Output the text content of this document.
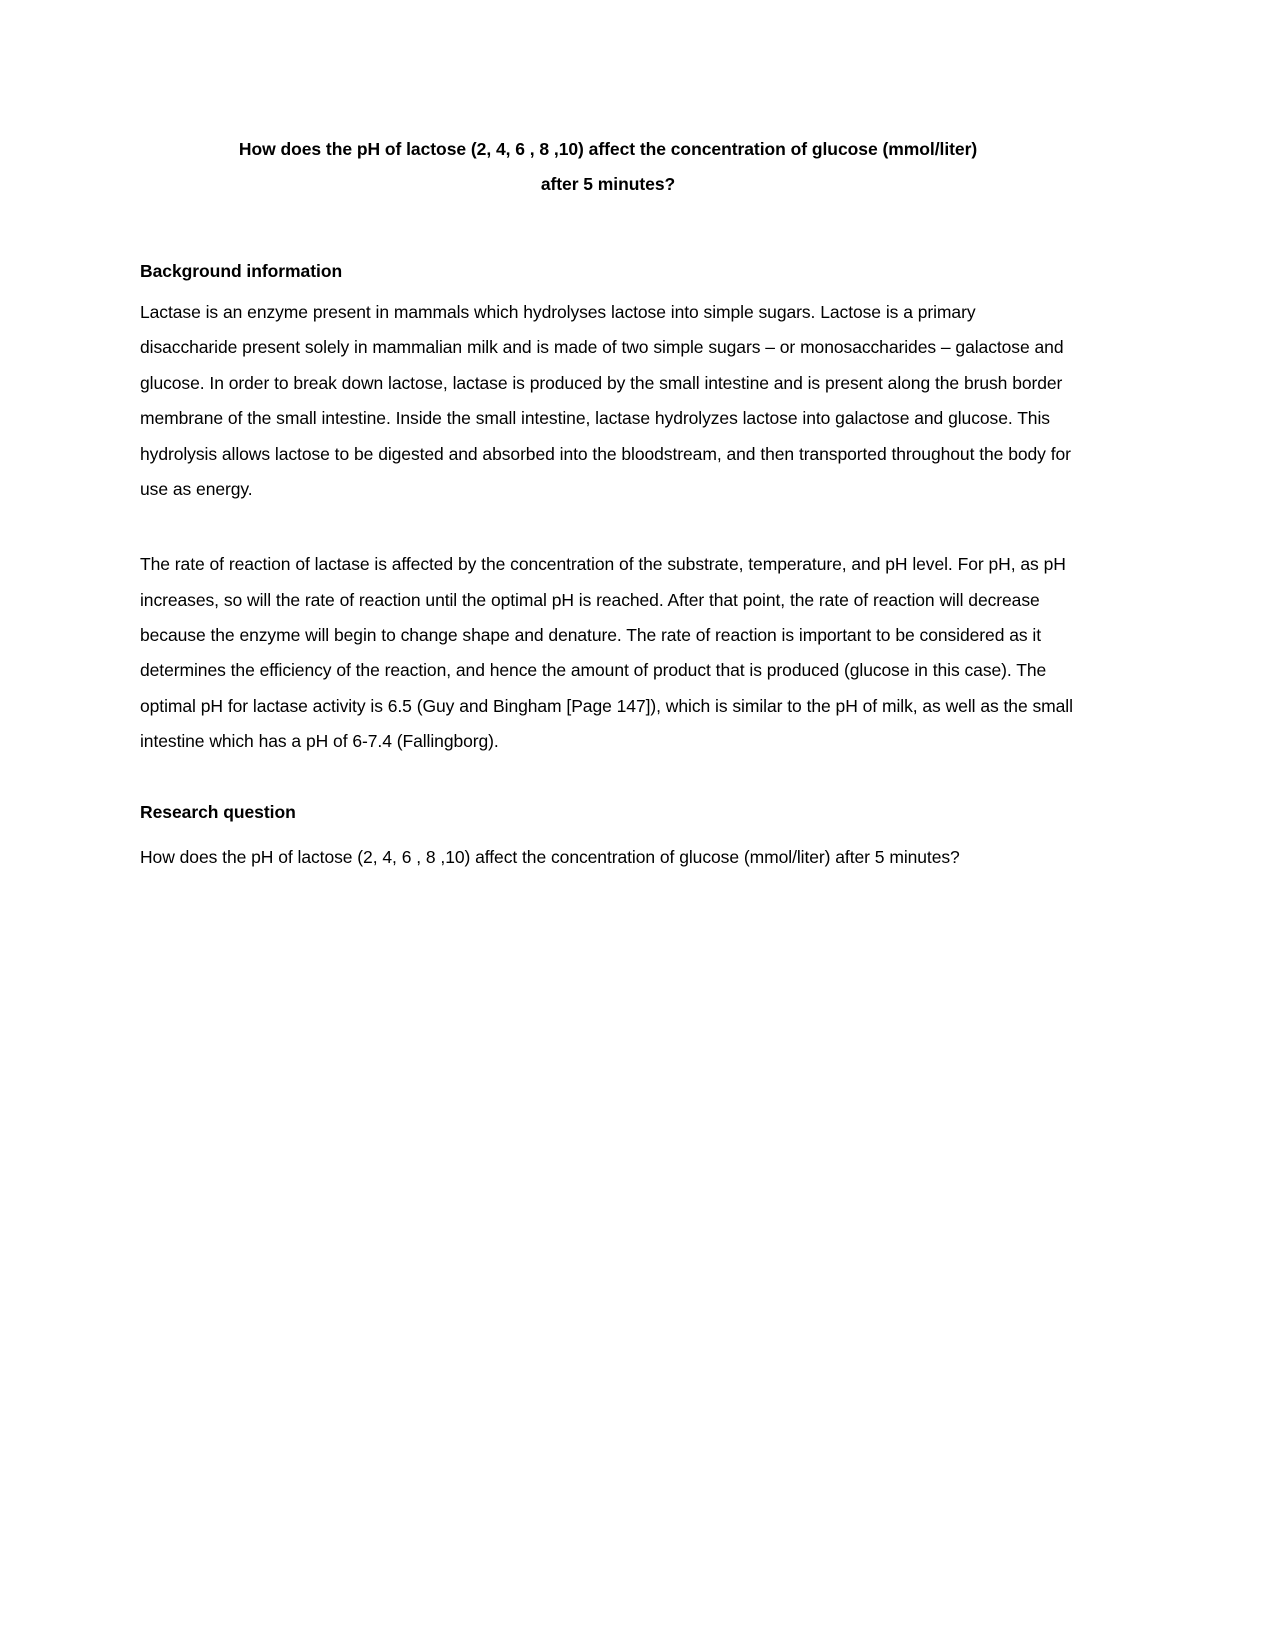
How does the pH of lactose (2, 4, 6 , 8 ,10) affect the concentration of glucose (mmol/liter)
after 5 minutes?
Background information

Lactase is an enzyme present in mammals which hydrolyses lactose into simple sugars. Lactose is a primary disaccharide present solely in mammalian milk and is made of two simple sugars – or monosaccharides – galactose and glucose. In order to break down lactose, lactase is produced by the small intestine and is present along the brush border membrane of the small intestine. Inside the small intestine, lactase hydrolyzes lactose into galactose and glucose. This hydrolysis allows lactose to be digested and absorbed into the bloodstream, and then transported throughout the body for use as energy.

The rate of reaction of lactase is affected by the concentration of the substrate, temperature, and pH level. For pH, as pH increases, so will the rate of reaction until the optimal pH is reached. After that point, the rate of reaction will decrease because the enzyme will begin to change shape and denature. The rate of reaction is important to be considered as it determines the efficiency of the reaction, and hence the amount of product that is produced (glucose in this case). The optimal pH for lactase activity is 6.5 (Guy and Bingham [Page 147]), which is similar to the pH of milk, as well as the small intestine which has a pH of 6-7.4 (Fallingborg).

Research question

How does the pH of lactose (2, 4, 6 , 8 ,10) affect the concentration of glucose (mmol/liter) after 5 minutes?
